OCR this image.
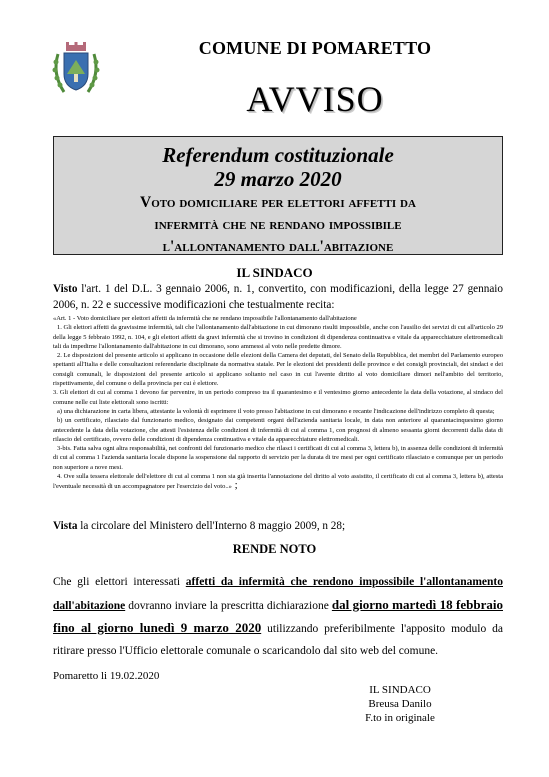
COMUNE DI POMARETTO
AVVISO
Referendum costituzionale
29 marzo 2020
Voto domiciliare per elettori affetti da
infermità che ne rendano impossibile
l'allontanamento dall'abitazione
IL SINDACO
Visto l'art. 1 del D.L. 3 gennaio 2006, n. 1, convertito, con modificazioni, della legge 27 gennaio 2006, n. 22 e successive modificazioni che testualmente recita:

«Art. 1 - Voto domiciliare per elettori affetti da infermità che ne rendano impossibile l'allontanamento dall'abitazione

1. Gli elettori affetti da gravissime infermità, tali che l'allontanamento dall'abitazione in cui dimorano risulti impossibile, anche con l'ausilio dei servizi di cui all'articolo 29 della legge 5 febbraio 1992, n. 104, e gli elettori affetti da gravi infermità che si trovino in condizioni di dipendenza continuativa e vitale da apparecchiature elettromedicali tali da impedirne l'allontanamento dall'abitazione in cui dimorano, sono ammessi al voto nelle predette dimore.

2. Le disposizioni del presente articolo si applicano in occasione delle elezioni della Camera dei deputati, del Senato della Repubblica, dei membri del Parlamento europeo spettanti all'Italia e delle consultazioni referendarie disciplinate da normativa statale. Per le elezioni dei presidenti delle province e dei consigli provinciali, dei sindaci e dei consigli comunali, le disposizioni del presente articolo si applicano soltanto nel caso in cui l'avente diritto al voto domiciliare dimori nell'ambito del territorio, rispettivamente, del comune o della provincia per cui è elettore.

3. Gli elettori di cui al comma 1 devono far pervenire, in un periodo compreso tra il quarantesimo e il ventesimo giorno antecedente la data della votazione, al sindaco del comune nelle cui liste elettorali sono iscritti:

a) una dichiarazione in carta libera, attestante la volontà di esprimere il voto presso l'abitazione in cui dimorano e recante l'indicazione dell'indirizzo completo di questa;

b) un certificato, rilasciato dal funzionario medico, designato dai competenti organi dell'azienda sanitaria locale, in data non anteriore al quarantacinquesimo giorno antecedente la data della votazione, che attesti l'esistenza delle condizioni di infermità di cui al comma 1, con prognosi di almeno sessanta giorni decorrenti dalla data di rilascio del certificato, ovvero delle condizioni di dipendenza continuativa e vitale da apparecchiature elettromedicali.

3-bis. Fatta salva ogni altra responsabilità, nei confronti del funzionario medico che rilasci i certificati di cui al comma 3, lettera b), in assenza delle condizioni di infermità di cui al comma 1 l'azienda sanitaria locale dispone la sospensione dal rapporto di servizio per la durata di tre mesi per ogni certificato rilasciato e comunque per un periodo non superiore a nove mesi.

4. Ove sulla tessera elettorale dell'elettore di cui al comma 1 non sia già inserita l'annotazione del diritto al voto assistito, il certificato di cui al comma 3, lettera b), attesta l'eventuale necessità di un accompagnatore per l'esercizio del voto..» ;

Vista la circolare del Ministero dell'Interno 8 maggio 2009, n 28;
RENDE NOTO
Che gli elettori interessati affetti da infermità che rendono impossibile l'allontanamento dall'abitazione dovranno inviare la prescritta dichiarazione dal giorno martedì 18 febbraio fino al giorno lunedì 9 marzo 2020 utilizzando preferibilmente l'apposito modulo da ritirare presso l'Ufficio elettorale comunale o scaricandolo dal sito web del comune.
Pomaretto li 19.02.2020
IL SINDACO
Breusa Danilo
F.to in originale
